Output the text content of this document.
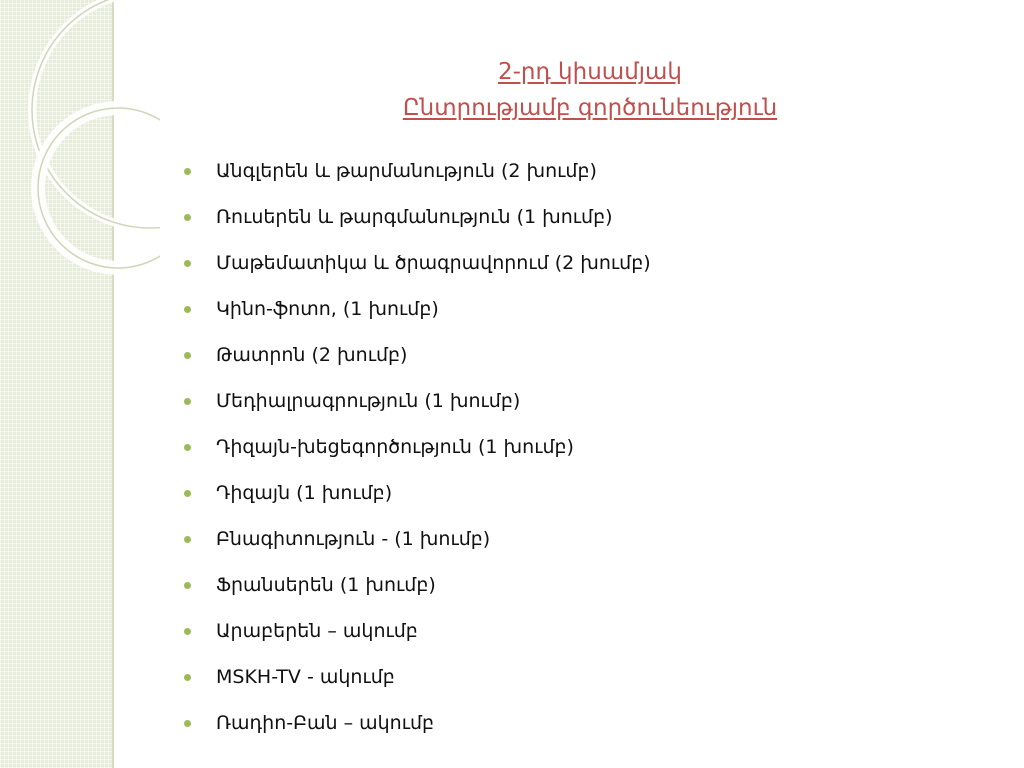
2-րդ կիսամյակ
Ընտրությամբ գործունեություն
Անգլերեն և թարմանություն (2 խումբ)
Ռուսերեն և թարգմանություն (1 խումբ)
Մաթեմատիկա և ծրագրավորում (2 խումբ)
Կինո-ֆոտո, (1 խումբ)
Թատրոն (2 խումբ)
Մեդիալրագրություն (1 խումբ)
Դիզայն-խեցեգործություն (1 խումբ)
Դիզայն (1 խումբ)
Բնագիտություն - (1 խումբ)
Ֆրանսերեն (1 խումբ)
Արաբերեն – ակումբ
MSKH-TV - ակումբ
Ռադիո-Բան – ակումբ
